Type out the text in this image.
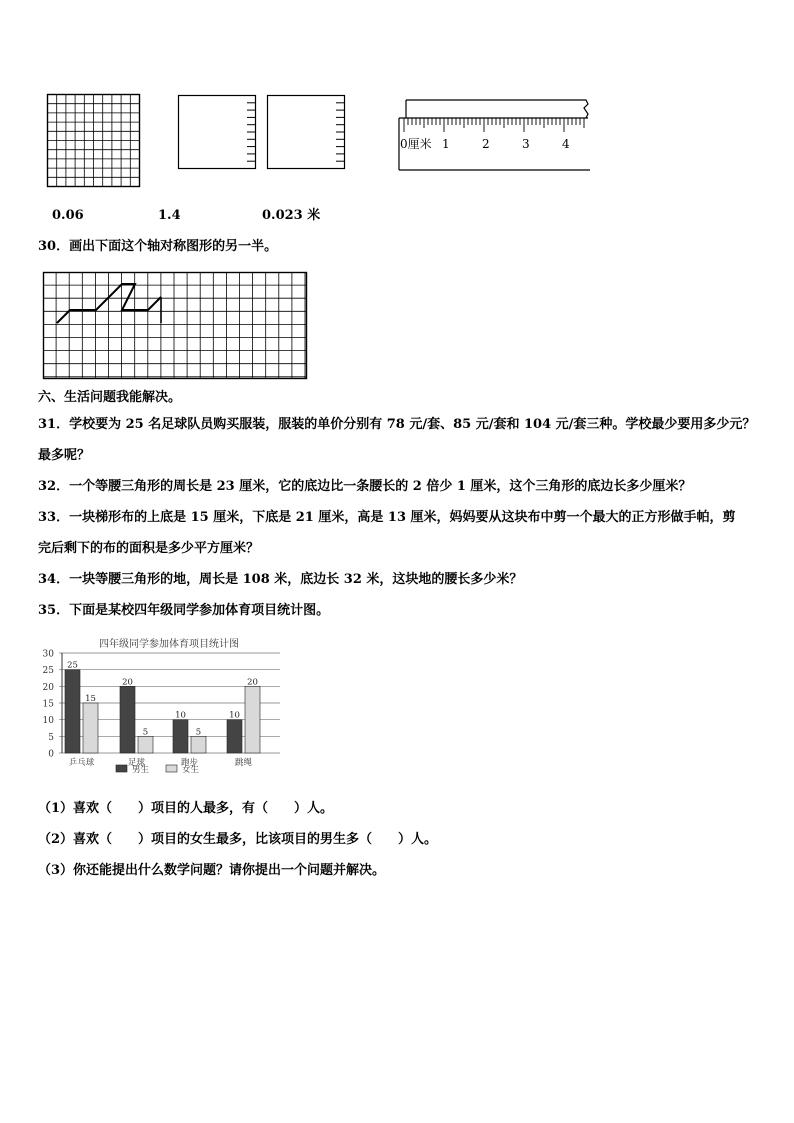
0厘米 1	2	3	4
0.06	1.4	0.023 米
30．画出下面这个轴对称图形的另一半。
六、生活问题我能解决。
31．学校要为 25 名足球队员购买服装，服装的单价分别有 78 元/套、85 元/套和 104 元/套三种。学校最少要用多少元？
最多呢？
32．一个等腰三角形的周长是 23 厘米，它的底边比一条腰长的 2 倍少 1 厘米，这个三角形的底边长多少厘米？
33．一块梯形布的上底是 15 厘米，下底是 21 厘米，高是 13 厘米，妈妈要从这块布中剪一个最大的正方形做手帕，剪
完后剩下的布的面积是多少平方厘米？
34．一块等腰三角形的地，周长是 108 米，底边长 32 米，这块地的腰长多少米？
35．下面是某校四年级同学参加体育项目统计图。
四年级同学参加体育项目统计图
0
5
10
15
20
25
30
25
15
20
5
10
5
10
20
乒乓球	足球	跑步	跳绳
男生	女生
（1）喜欢（　　）项目的人最多，有（　　）人。
（2）喜欢（　　）项目的女生最多，比该项目的男生多（　　）人。
（3）你还能提出什么数学问题？请你提出一个问题并解决。
